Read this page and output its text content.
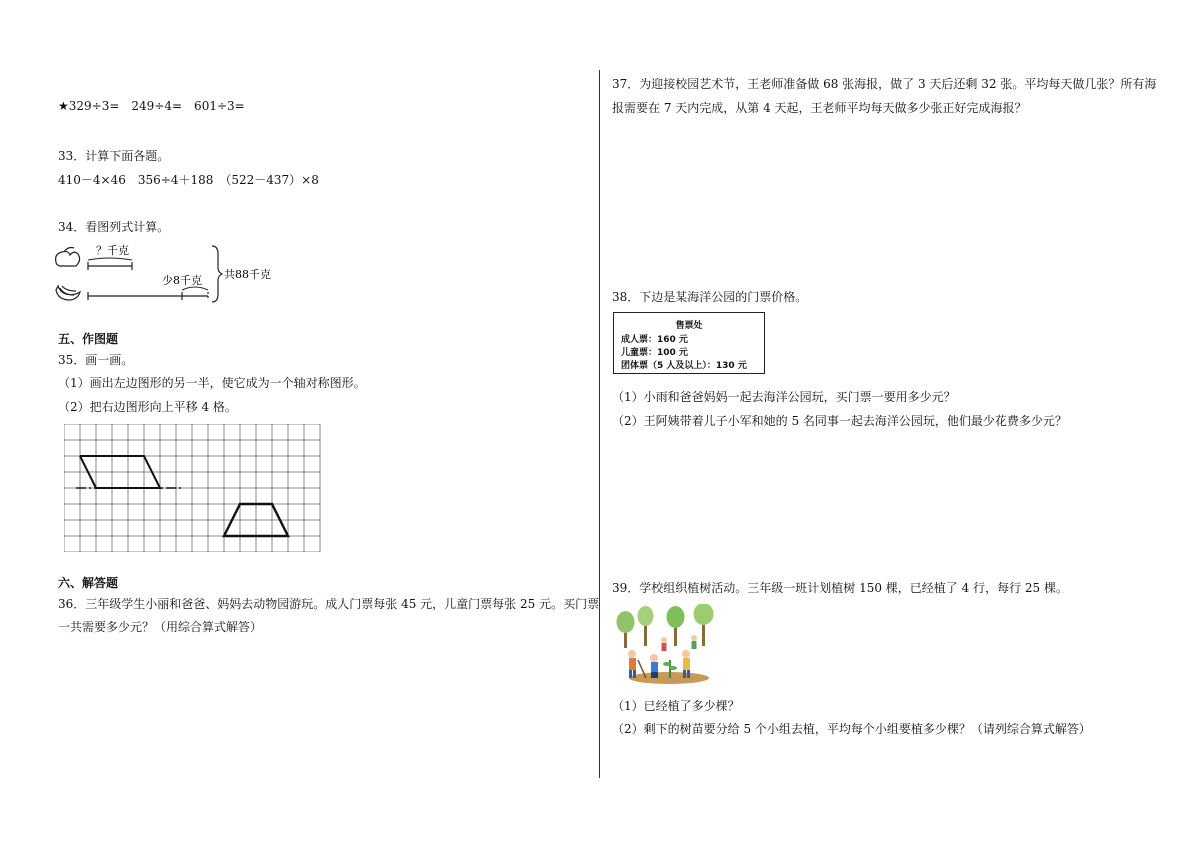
★329÷3=　249÷4=　601÷3=
33．计算下面各题。
410－4×46　356÷4＋188　（522－437）×8
34．看图列式计算。
？千克
少8千克 共88千克
五、作图题
35．画一画。
（1）画出左边图形的另一半，使它成为一个轴对称图形。
（2）把右边图形向上平移 4 格。
六、解答题
36．三年级学生小丽和爸爸、妈妈去动物园游玩。成人门票每张 45 元，儿童门票每张 25 元。买门票
一共需要多少元？（用综合算式解答）
37．为迎接校园艺术节，王老师准备做 68 张海报，做了 3 天后还剩 32 张。平均每天做几张？所有海
报需要在 7 天内完成，从第 4 天起，王老师平均每天做多少张正好完成海报？
38．下边是某海洋公园的门票价格。
售票处
成人票：160 元
儿童票：100 元
团体票（5 人及以上）：130 元
（1）小雨和爸爸妈妈一起去海洋公园玩，买门票一要用多少元？
（2）王阿姨带着儿子小军和她的 5 名同事一起去海洋公园玩，他们最少花费多少元？
39．学校组织植树活动。三年级一班计划植树 150 棵，已经植了 4 行，每行 25 棵。
（1）已经植了多少棵？
（2）剩下的树苗要分给 5 个小组去植，平均每个小组要植多少棵？（请列综合算式解答）
